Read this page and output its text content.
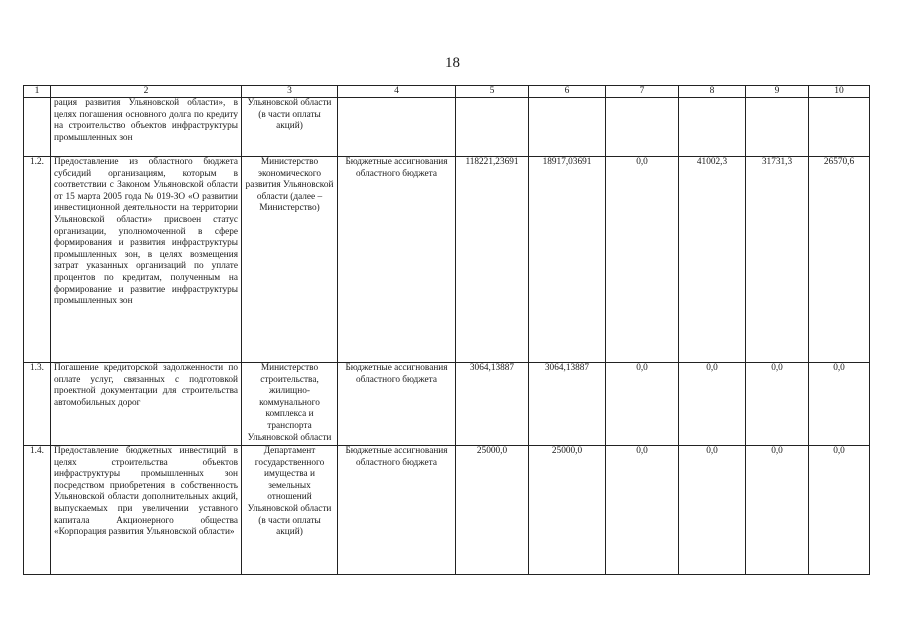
18
1	2	3	4	5	6	7	8	9	10
	рация развития Ульяновской области», в целях погашения основного долга по кредиту на строительство объектов инфраструктуры промышленных зон	Ульяновской области (в части оплаты акций)							
1.2.	Предоставление из областного бюджета субсидий организациям, которым в соответствии с Законом Ульяновской области от 15 марта 2005 года № 019-ЗО «О развитии инвестиционной деятельности на территории Ульяновской области» присвоен статус организации, уполномоченной в сфере формирования и развития инфраструктуры промышленных зон, в целях возмещения затрат указанных организаций по уплате процентов по кредитам, полученным на формирование и развитие инфраструктуры промышленных зон	Министерство экономического развития Ульяновской области (далее – Министерство)	Бюджетные ассигнования областного бюджета	118221,23691	18917,03691	0,0	41002,3	31731,3	26570,6
1.3.	Погашение кредиторской задолженности по оплате услуг, связанных с подготовкой проектной документации для строительства автомобильных дорог	Министерство строительства, жилищно-коммунального комплекса и транспорта Ульяновской области	Бюджетные ассигнования областного бюджета	3064,13887	3064,13887	0,0	0,0	0,0	0,0
1.4.	Предоставление бюджетных инвестиций в целях строительства объектов инфраструктуры промышленных зон посредством приобретения в собственность Ульяновской области дополнительных акций, выпускаемых при увеличении уставного капитала Акционерного общества «Корпорация развития Ульяновской области»	Департамент государственного имущества и земельных отношений Ульяновской области (в части оплаты акций)	Бюджетные ассигнования областного бюджета	25000,0	25000,0	0,0	0,0	0,0	0,0
